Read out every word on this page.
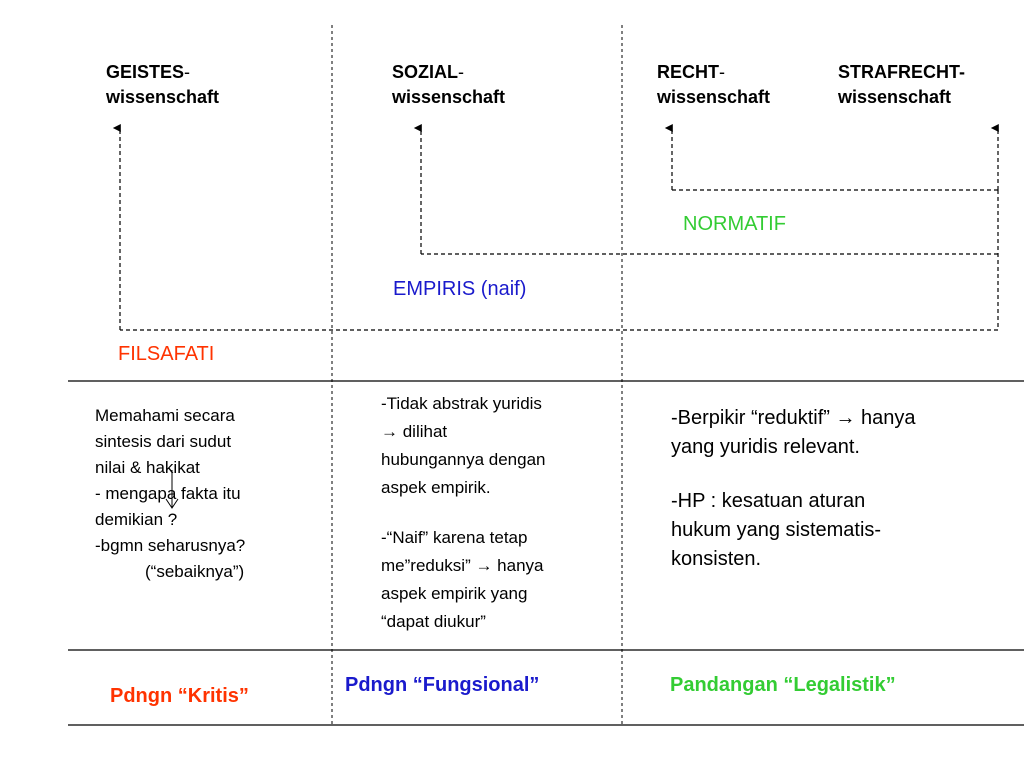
GEISTES-
wissenschaft
SOZIAL-
wissenschaft
RECHT-
wissenschaft
STRAFRECHT-
wissenschaft
NORMATIF
EMPIRIS (naif)
FILSAFATI

Memahami secara

sintesis dari sudut

nilai & hakikat

- mengapa fakta itu

demikian ?

-bgmn seharusnya?

(“sebaiknya”)

-Tidak abstrak yuridis

→ dilihat

hubungannya dengan

aspek empirik.

-“Naif” karena tetap

me”reduksi” → hanya

aspek empirik yang

“dapat diukur”

-Berpikir “reduktif” → hanya

yang yuridis relevant.

-HP : kesatuan aturan

hukum yang sistematis-

konsisten.

Pdngn “Kritis”	Pdngn “Fungsional”	Pandangan “Legalistik”
